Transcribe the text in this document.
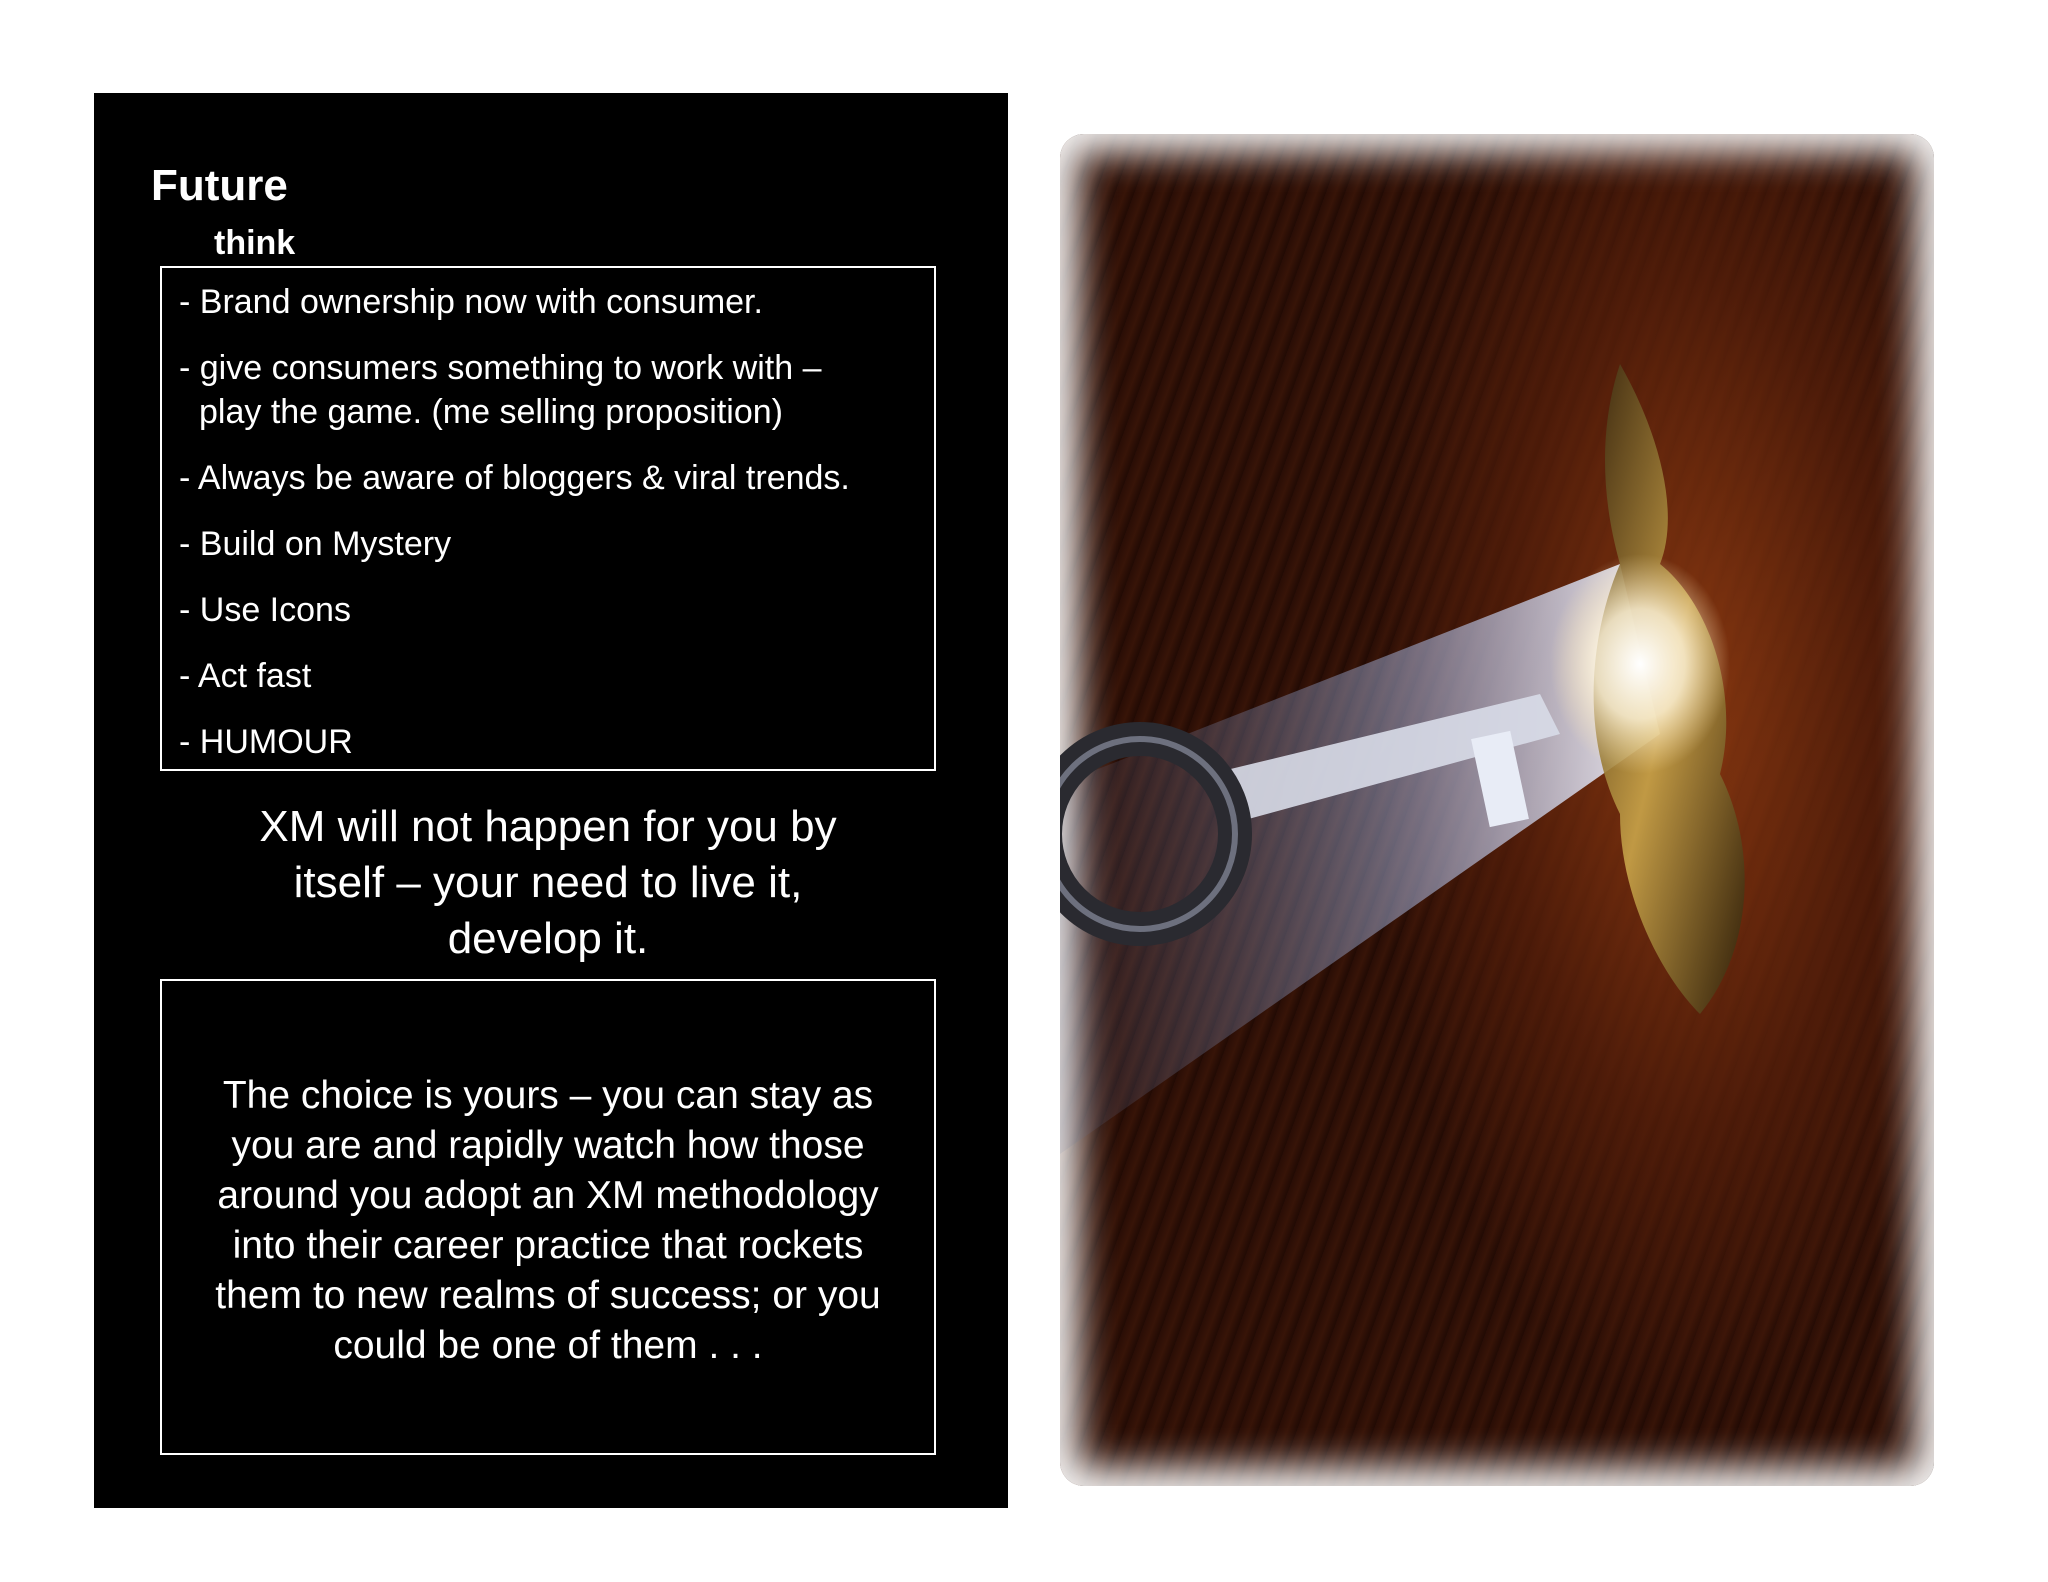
Future
think
- Brand ownership now with consumer.
- give consumers something to work with –
play the game. (me selling proposition)
- Always be aware of bloggers & viral trends.
- Build on Mystery
- Use Icons
- Act fast
- HUMOUR

XM will not happen for you by
itself – your need to live it,
develop it.

The choice is yours – you can stay as
you are and rapidly watch how those
around you adopt an XM methodology
into their career practice that rockets
them to new realms of success; or you
could be one of them . . .
